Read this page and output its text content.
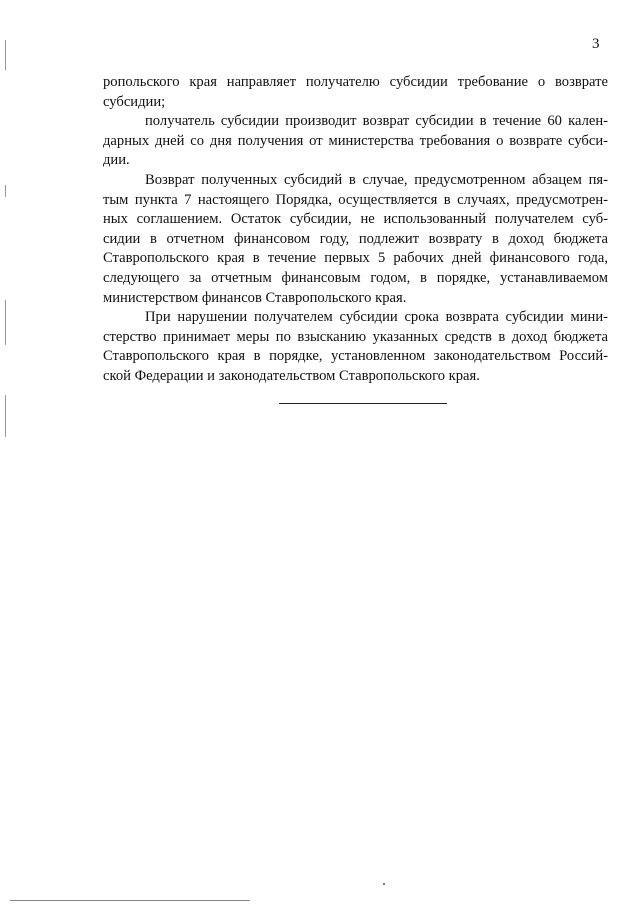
3
ропольского края направляет получателю субсидии требование о возврате
субсидии;
получатель субсидии производит возврат субсидии в течение 60 кален-
дарных дней со дня получения от министерства требования о возврате субси-
дии.
Возврат полученных субсидий в случае, предусмотренном абзацем пя-
тым пункта 7 настоящего Порядка, осуществляется в случаях, предусмотрен-
ных соглашением. Остаток субсидии, не использованный получателем суб-
сидии в отчетном финансовом году, подлежит возврату в доход бюджета
Ставропольского края в течение первых 5 рабочих дней финансового года,
следующего за отчетным финансовым годом, в порядке, устанавливаемом
министерством финансов Ставропольского края.
При нарушении получателем субсидии срока возврата субсидии мини-
стерство принимает меры по взысканию указанных средств в доход бюджета
Ставропольского края в порядке, установленном законодательством Россий-
ской Федерации и законодательством Ставропольского края.
